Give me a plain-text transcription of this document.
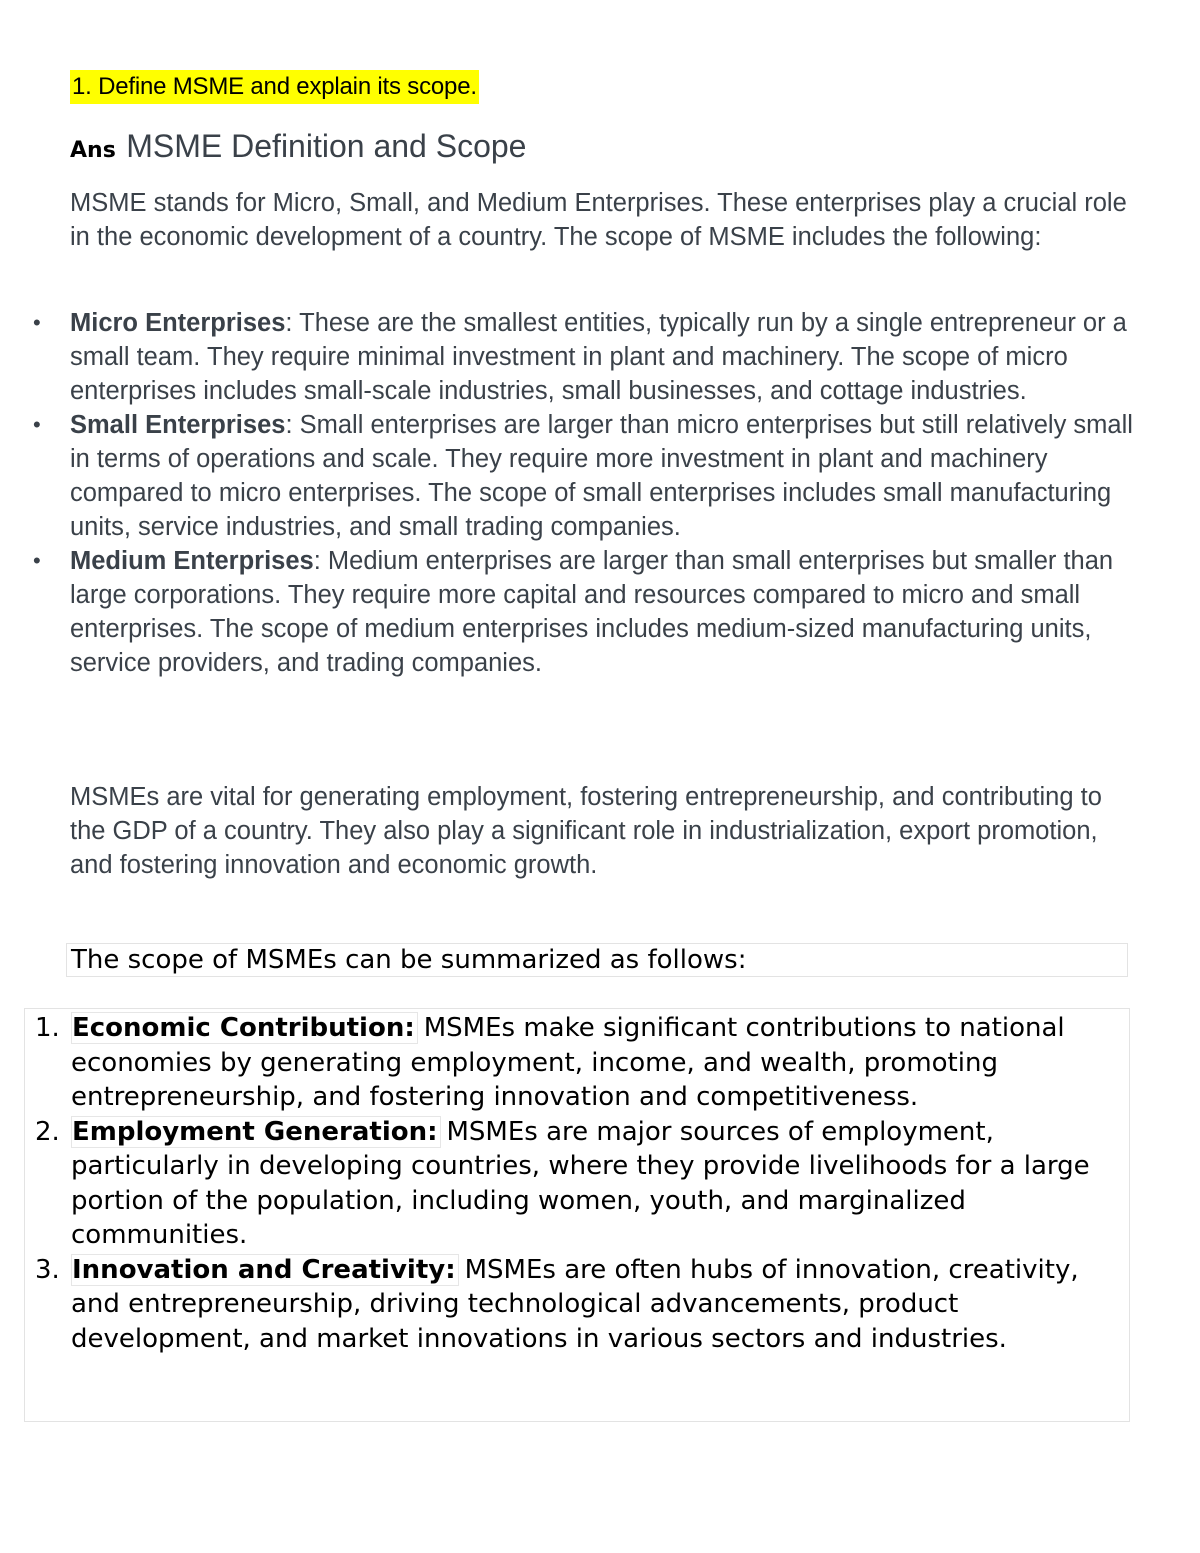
1. Define MSME and explain its scope.
Ans MSME Definition and Scope

MSME stands for Micro, Small, and Medium Enterprises. These enterprises play a crucial role in the economic development of a country. The scope of MSME includes the following:

• Micro Enterprises: These are the smallest entities, typically run by a single entrepreneur or a small team. They require minimal investment in plant and machinery. The scope of micro enterprises includes small-scale industries, small businesses, and cottage industries.
• Small Enterprises: Small enterprises are larger than micro enterprises but still relatively small in terms of operations and scale. They require more investment in plant and machinery compared to micro enterprises. The scope of small enterprises includes small manufacturing units, service industries, and small trading companies.
• Medium Enterprises: Medium enterprises are larger than small enterprises but smaller than large corporations. They require more capital and resources compared to micro and small enterprises. The scope of medium enterprises includes medium-sized manufacturing units, service providers, and trading companies.

MSMEs are vital for generating employment, fostering entrepreneurship, and contributing to the GDP of a country. They also play a significant role in industrialization, export promotion, and fostering innovation and economic growth.

The scope of MSMEs can be summarized as follows:
1. Economic Contribution: MSMEs make significant contributions to national economies by generating employment, income, and wealth, promoting entrepreneurship, and fostering innovation and competitiveness.
2. Employment Generation: MSMEs are major sources of employment, particularly in developing countries, where they provide livelihoods for a large portion of the population, including women, youth, and marginalized communities.
3. Innovation and Creativity: MSMEs are often hubs of innovation, creativity, and entrepreneurship, driving technological advancements, product development, and market innovations in various sectors and industries.
